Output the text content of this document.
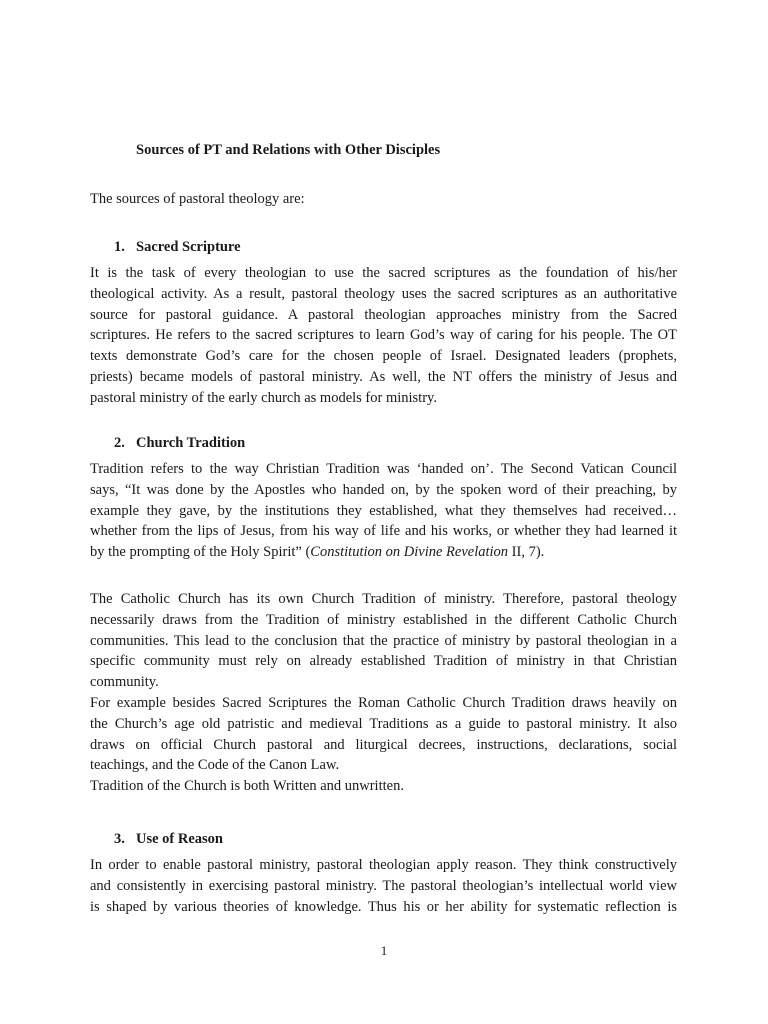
Sources of PT and Relations with Other Disciples
The sources of pastoral theology are:
1. Sacred Scripture
It is the task of every theologian to use the sacred scriptures as the foundation of his/her
theological activity. As a result, pastoral theology uses the sacred scriptures as an authoritative
source for pastoral guidance. A pastoral theologian approaches ministry from the Sacred
scriptures. He refers to the sacred scriptures to learn God’s way of caring for his people. The OT
texts demonstrate God’s care for the chosen people of Israel. Designated leaders (prophets,
priests) became models of pastoral ministry. As well, the NT offers the ministry of Jesus and
pastoral ministry of the early church as models for ministry.
2. Church Tradition
Tradition refers to the way Christian Tradition was ‘handed on’. The Second Vatican Council
says, “It was done by the Apostles who handed on, by the spoken word of their preaching, by
example they gave, by the institutions they established, what they themselves had received…
whether from the lips of Jesus, from his way of life and his works, or whether they had learned it
by the prompting of the Holy Spirit” (Constitution on Divine Revelation II, 7).
The Catholic Church has its own Church Tradition of ministry. Therefore, pastoral theology
necessarily draws from the Tradition of ministry established in the different Catholic Church
communities. This lead to the conclusion that the practice of ministry by pastoral theologian in a
specific community must rely on already established Tradition of ministry in that Christian
community.
For example besides Sacred Scriptures the Roman Catholic Church Tradition draws heavily on
the Church’s age old patristic and medieval Traditions as a guide to pastoral ministry. It also
draws on official Church pastoral and liturgical decrees, instructions, declarations, social
teachings, and the Code of the Canon Law.
Tradition of the Church is both Written and unwritten.
3. Use of Reason
In order to enable pastoral ministry, pastoral theologian apply reason. They think constructively
and consistently in exercising pastoral ministry. The pastoral theologian’s intellectual world view
is shaped by various theories of knowledge. Thus his or her ability for systematic reflection is
1
